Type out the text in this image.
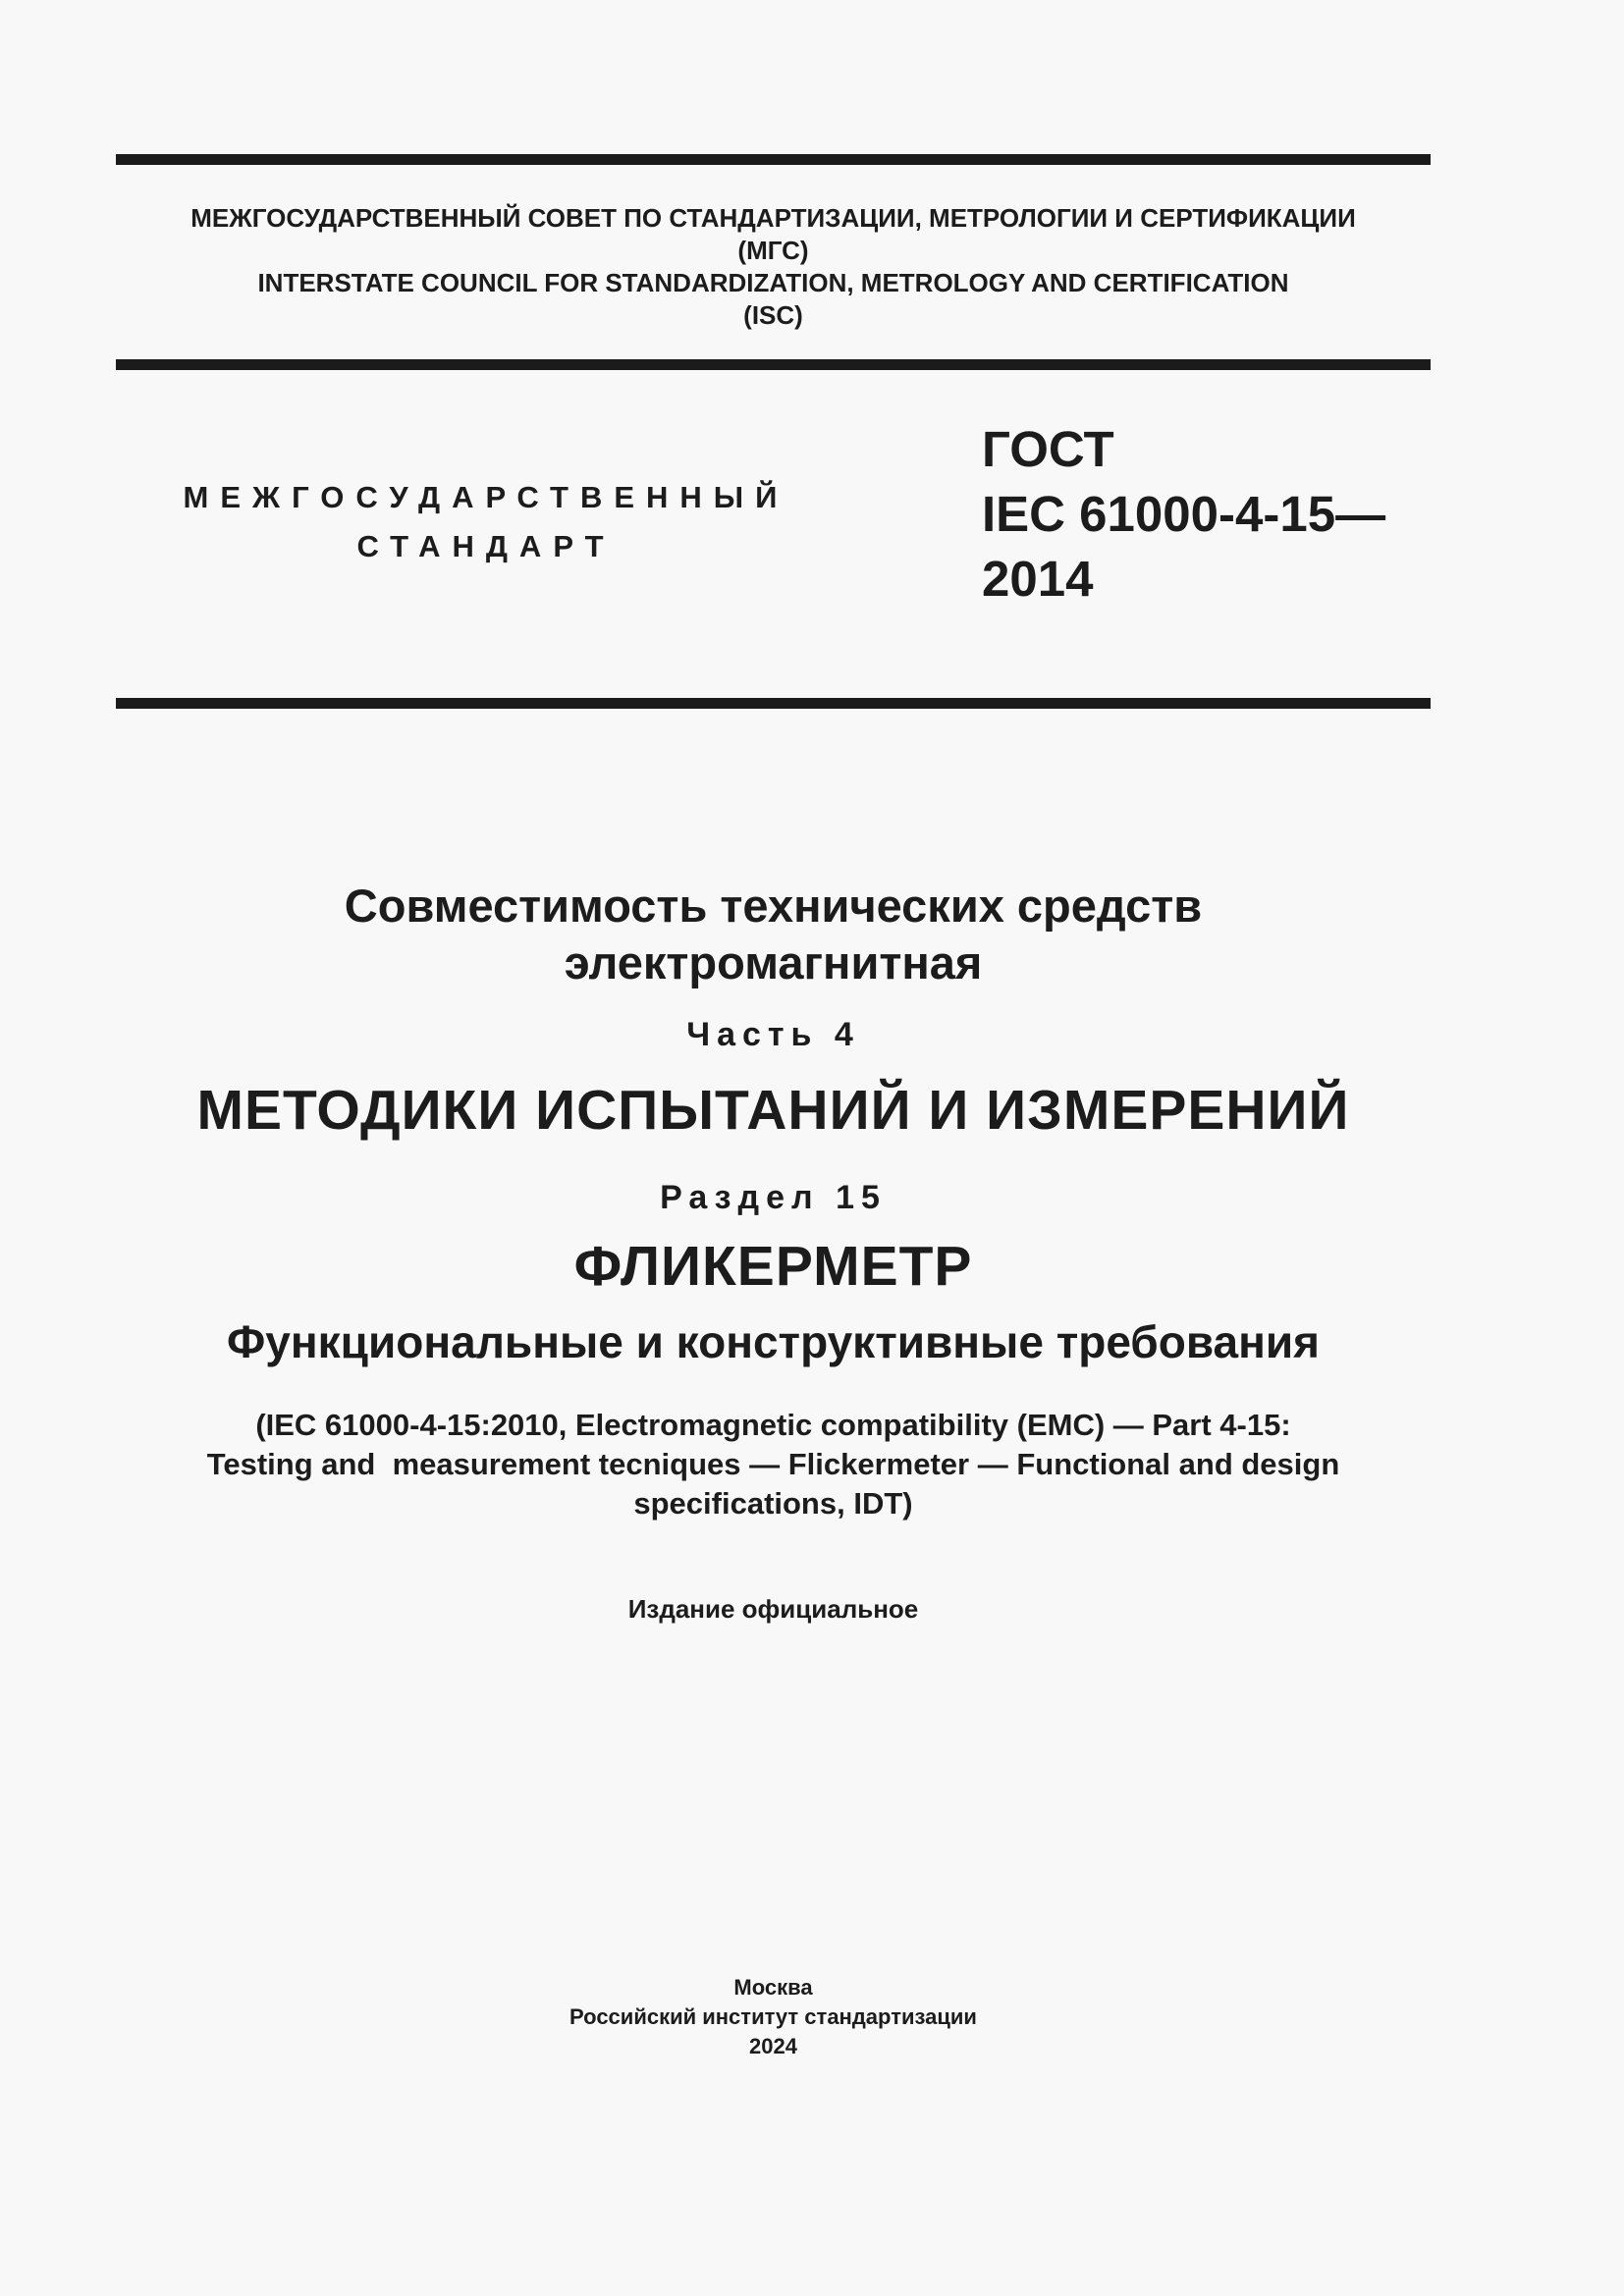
МЕЖГОСУДАРСТВЕННЫЙ СОВЕТ ПО СТАНДАРТИЗАЦИИ, МЕТРОЛОГИИ И СЕРТИФИКАЦИИ
(МГС)
INTERSTATE COUNCIL FOR STANDARDIZATION, METROLOGY AND CERTIFICATION
(ISC)
МЕЖГОСУДАРСТВЕННЫЙ
СТАНДАРТ
ГОСТ
IEC 61000-4-15—
2014
Совместимость технических средств
электромагнитная
Часть 4
МЕТОДИКИ ИСПЫТАНИЙ И ИЗМЕРЕНИЙ
Раздел 15
ФЛИКЕРМЕТР
Функциональные и конструктивные требования
(IEC 61000-4-15:2010, Electromagnetic compatibility (EMC) — Part 4-15:
Testing and  measurement tecniques — Flickermeter — Functional and design
specifications, IDT)
Издание официальное
Москва
Российский институт стандартизации
2024
